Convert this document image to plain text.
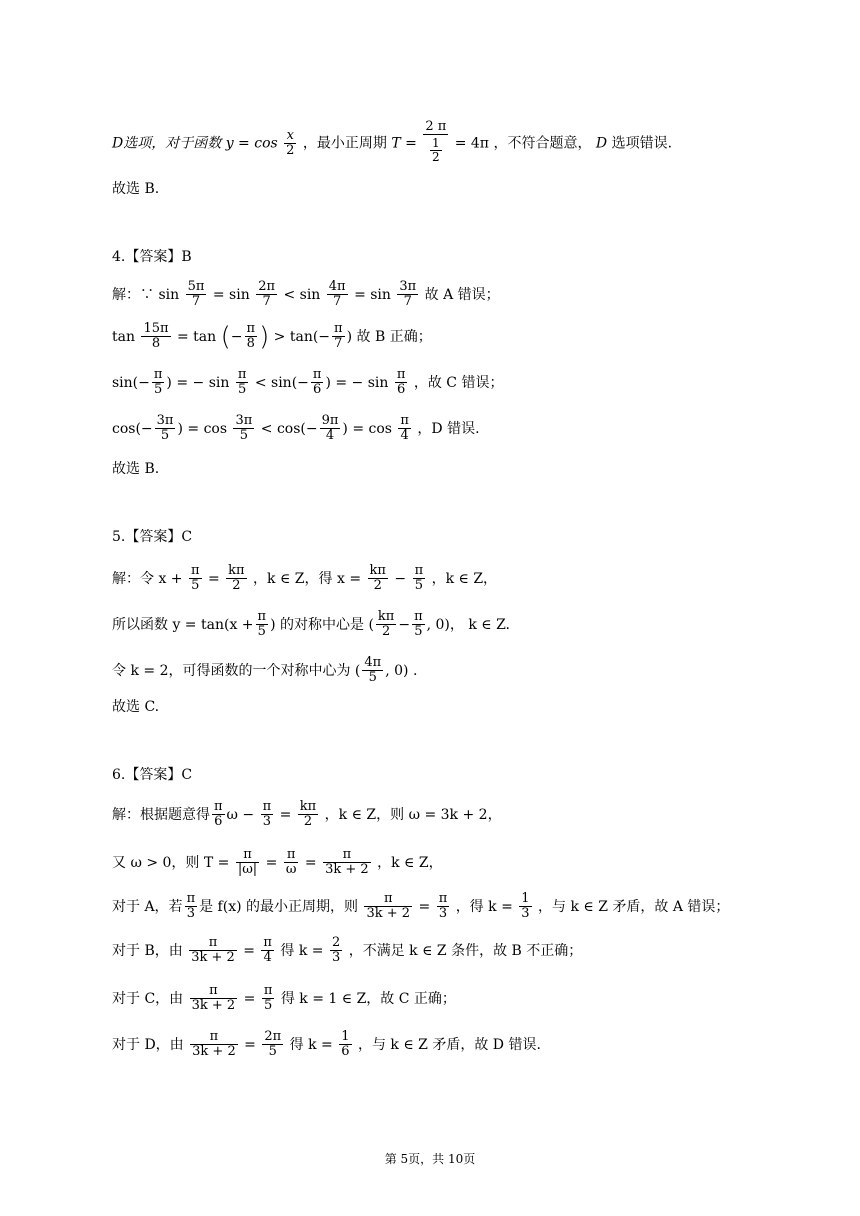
D选项，对于函数 $y = \cos \frac{x}{2}$ ，最小正周期 $T = \frac{2 \pi}{\frac{1}{2}} = 4\pi$ ，不符合题意， D 选项错误.
故选 B.
4.【答案】B
解：∵ $\sin \frac{5\pi}{7} = \sin \frac{2\pi}{7} < \sin \frac{4\pi}{7} = \sin \frac{3\pi}{7}$ 故 A 错误；
$\tan \frac{15\pi}{8} = \tan$ (− $\frac{\pi}{8}$ ) > $\tan(- \frac{\pi}{7}$ ) 故 B 正确；
$\sin(- \frac{\pi}{5}$ ) = − $\sin \frac{\pi}{5} < \sin(- \frac{\pi}{6}$ ) = − $\sin \frac{\pi}{6}$ ，故 C 错误；
$\cos(- \frac{3\pi}{5}$ ) = $\cos \frac{3\pi}{5} < \cos(- \frac{9\pi}{4}$ ) = $\cos \frac{\pi}{4}$ ，D 错误.
故选 B.
5.【答案】C
解：令 $x + \frac{\pi}{5} = \frac{k\pi}{2}$ ，k ∈ Z，得 $x = \frac{k\pi}{2} - \frac{\pi}{5}$ ，k ∈ Z，
所以函数 $y = \tan(x + \frac{\pi}{5}$ ) 的对称中心是 ( $\frac{k\pi}{2} - \frac{\pi}{5}$ , 0)， k ∈ Z.
令 k = 2，可得函数的一个对称中心为 ( $\frac{4\pi}{5}$ , 0) .
故选 C.
6.【答案】C
解：根据题意得 $\frac{\pi}{6}$ $\omega - \frac{\pi}{3} = \frac{k\pi}{2}$ ，k ∈ Z，则 ω = 3k + 2，
又 ω > 0，则 $T = \frac{\pi}{|\omega|} = \frac{\pi}{\omega} = \frac{\pi}{3k + 2}$ ，k ∈ Z，
对于 A，若 $\frac{\pi}{3}$ 是 f(x) 的最小正周期，则 $\frac{\pi}{3k + 2} = \frac{\pi}{3}$ ，得 $k = \frac{1}{3}$ ，与 k ∈ Z 矛盾，故 A 错误；
对于 B，由 $\frac{\pi}{3k + 2} = \frac{\pi}{4}$ 得 $k = \frac{2}{3}$ ，不满足 k ∈ Z 条件，故 B 不正确；
对于 C，由 $\frac{\pi}{3k + 2} = \frac{\pi}{5}$ 得 k = 1 ∈ Z，故 C 正确；
对于 D，由 $\frac{\pi}{3k + 2} = \frac{2\pi}{5}$ 得 $k = \frac{1}{6}$ ，与 k ∈ Z 矛盾，故 D 错误.
第 5页，共 10页
